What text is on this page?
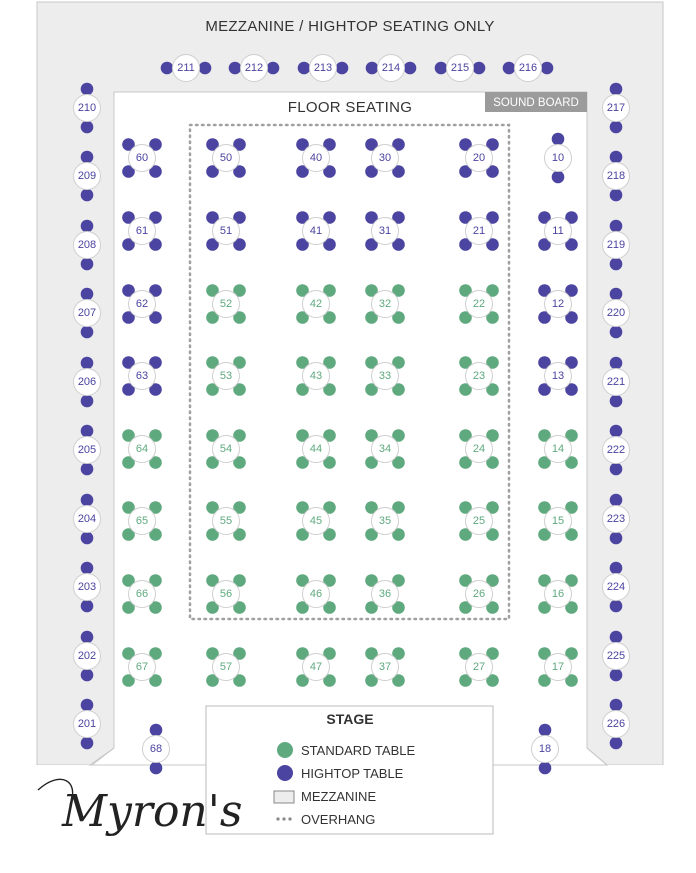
MEZZANINE / HIGHTOP SEATING ONLY
FLOOR SEATING	SOUND BOARD
60
61
62
63
64
65
66
67
50
51
52
53
54
55
56
57
40
41
42
43
44
45
46
47
30
31
32
33
34
35
36
37
20
21
22
23
24
25
26
27
10
11
12
13
14
15
16
17
211	212	213	214	215	216
210
209
208
207
206
205
204
203
202
201
217
218
219
220
221
222
223
224
225
226
68	18
STAGE
STANDARD TABLE
HIGHTOP TABLE
MEZZANINE
OVERHANG
Myron's
